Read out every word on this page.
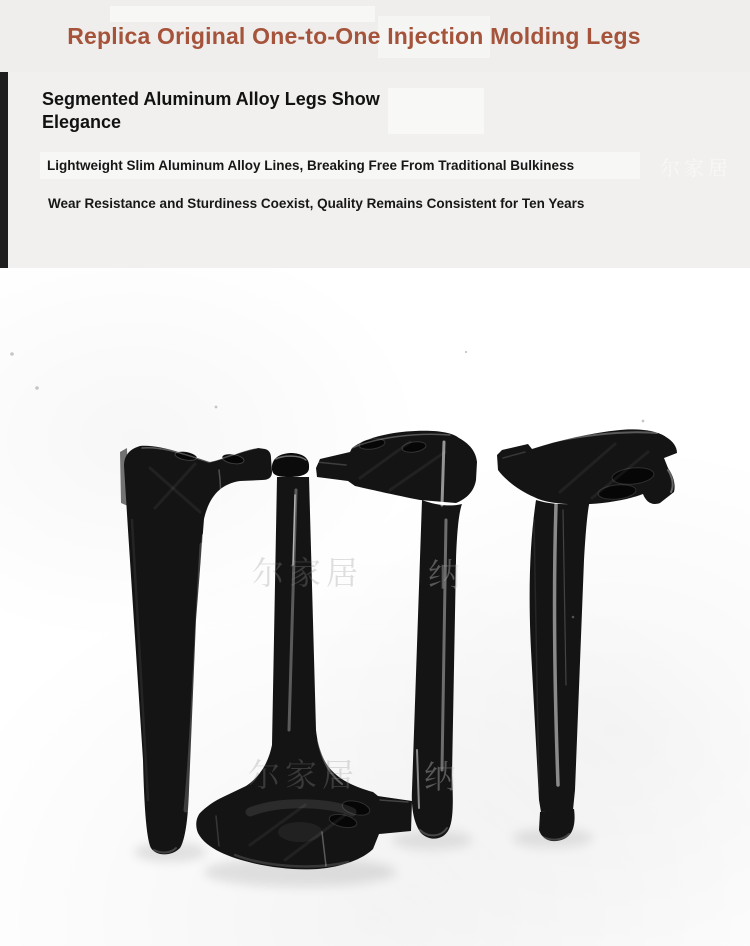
Replica Original One-to-One Injection Molding Legs
Segmented Aluminum Alloy Legs Show
Elegance

Lightweight Slim Aluminum Alloy Lines, Breaking Free From Traditional Bulkiness

Wear Resistance and Sturdiness Coexist, Quality Remains Consistent for Ten Years

尔家居
尔家居 纳
尔家居 纳
